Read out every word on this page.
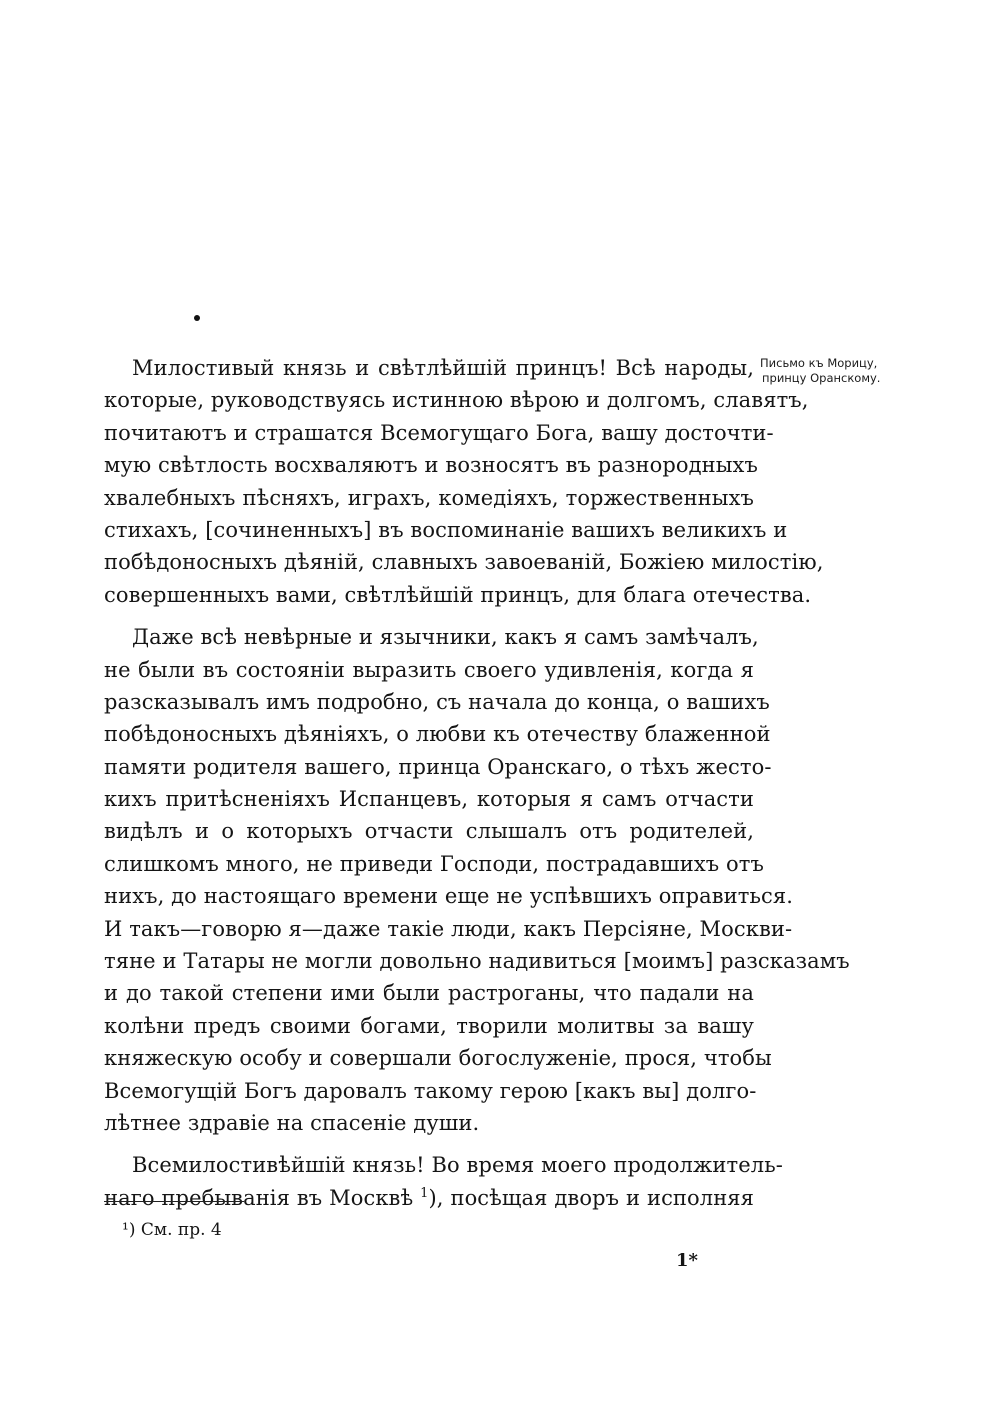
Письмо къ Морицу,
принцу Оранскому.
Милостивый князь и свѣтлѣйшій принцъ! Всѣ народы,
которые, руководствуясь истинною вѣрою и долгомъ, славятъ,
почитаютъ и страшатся Всемогущаго Бога, вашу досточти-
мую свѣтлость восхваляютъ и возносятъ въ разнородныхъ
хвалебныхъ пѣсняхъ, играхъ, комедіяхъ, торжественныхъ
стихахъ, [сочиненныхъ] въ воспоминаніе вашихъ великихъ и
побѣдоносныхъ дѣяній, славныхъ завоеваній, Божіею милостію,
совершенныхъ вами, свѣтлѣйшій принцъ, для блага отечества.
Даже всѣ невѣрные и язычники, какъ я самъ замѣчалъ,
не были въ состояніи выразить своего удивленія, когда я
разсказывалъ имъ подробно, съ начала до конца, о вашихъ
побѣдоносныхъ дѣяніяхъ, о любви къ отечеству блаженной
памяти родителя вашего, принца Оранскаго, о тѣхъ жесто-
кихъ притѣсненіяхъ Испанцевъ, которыя я самъ отчасти
видѣлъ и о которыхъ отчасти слышалъ отъ родителей,
слишкомъ много, не приведи Господи, пострадавшихъ отъ
нихъ, до настоящаго времени еще не успѣвшихъ оправиться.
И такъ—говорю я—даже такіе люди, какъ Персіяне, Москви-
тяне и Татары не могли довольно надивиться [моимъ] разсказамъ
и до такой степени ими были растроганы, что падали на
колѣни предъ своими богами, творили молитвы за вашу
княжескую особу и совершали богослуженіе, прося, чтобы
Всемогущій Богъ даровалъ такому герою [какъ вы] долго-
лѣтнее здравіе на спасеніе души.
Всемилостивѣйшій князь! Во время моего продолжитель-
наго пребыванія въ Москвѣ $^1$), посѣщая дворъ и исполняя
¹) См. пр. 4
1*
